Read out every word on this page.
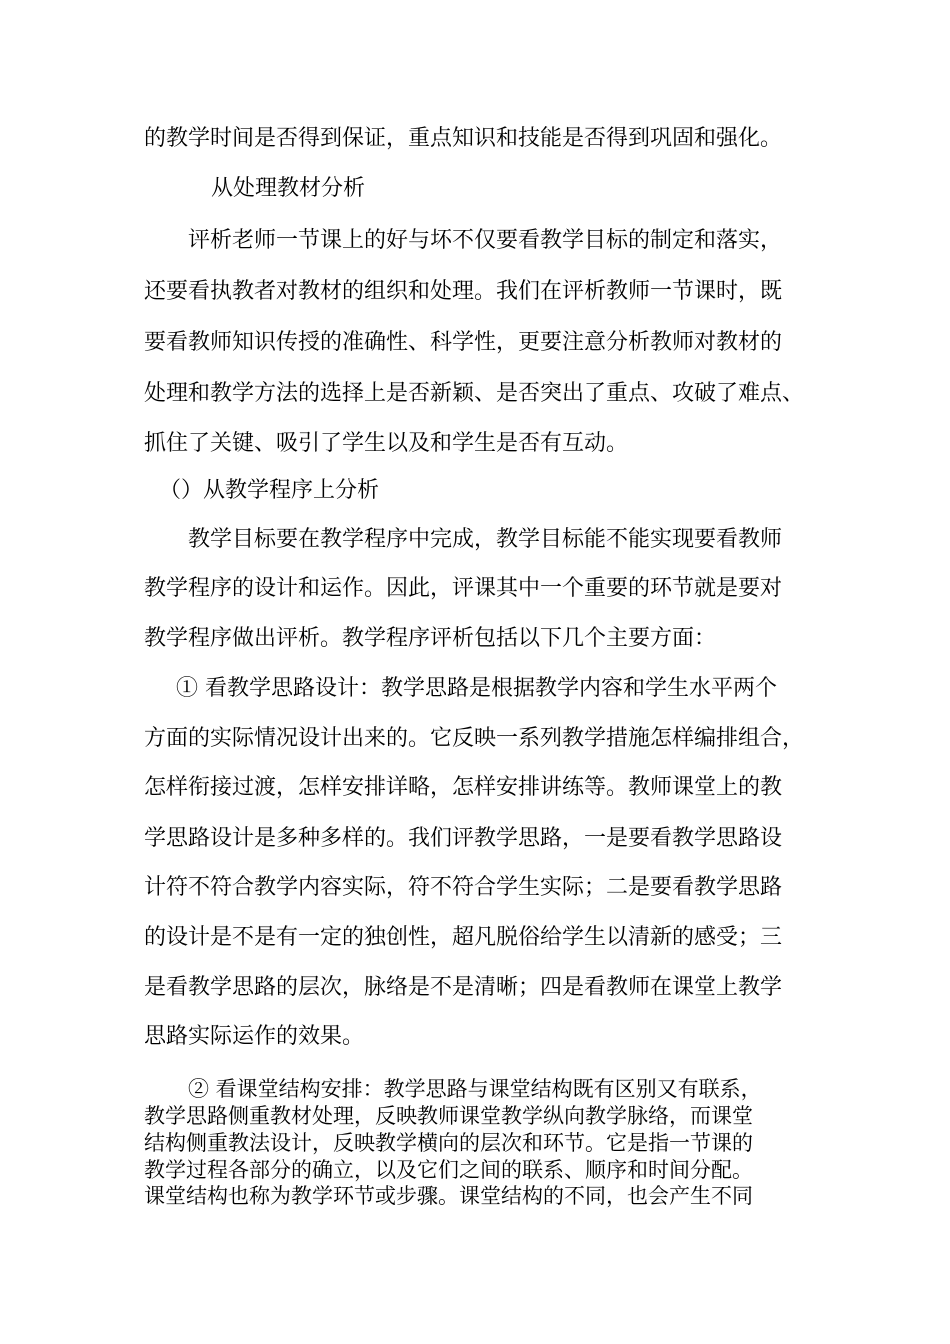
的教学时间是否得到保证，重点知识和技能是否得到巩固和强化。
从处理教材分析
评析老师一节课上的好与坏不仅要看教学目标的制定和落实，
还要看执教者对教材的组织和处理。我们在评析教师一节课时，既
要看教师知识传授的准确性、科学性，更要注意分析教师对教材的
处理和教学方法的选择上是否新颖、是否突出了重点、攻破了难点、
抓住了关键、吸引了学生以及和学生是否有互动。
（）从教学程序上分析
教学目标要在教学程序中完成，教学目标能不能实现要看教师
教学程序的设计和运作。因此，评课其中一个重要的环节就是要对
教学程序做出评析。教学程序评析包括以下几个主要方面：
① 看教学思路设计：教学思路是根据教学内容和学生水平两个
方面的实际情况设计出来的。它反映一系列教学措施怎样编排组合，
怎样衔接过渡，怎样安排详略，怎样安排讲练等。教师课堂上的教
学思路设计是多种多样的。我们评教学思路，一是要看教学思路设
计符不符合教学内容实际，符不符合学生实际；二是要看教学思路
的设计是不是有一定的独创性，超凡脱俗给学生以清新的感受；三
是看教学思路的层次，脉络是不是清晰；四是看教师在课堂上教学
思路实际运作的效果。
② 看课堂结构安排：教学思路与课堂结构既有区别又有联系，
教学思路侧重教材处理，反映教师课堂教学纵向教学脉络，而课堂
结构侧重教法设计，反映教学横向的层次和环节。它是指一节课的
教学过程各部分的确立，以及它们之间的联系、顺序和时间分配。
课堂结构也称为教学环节或步骤。课堂结构的不同，也会产生不同
